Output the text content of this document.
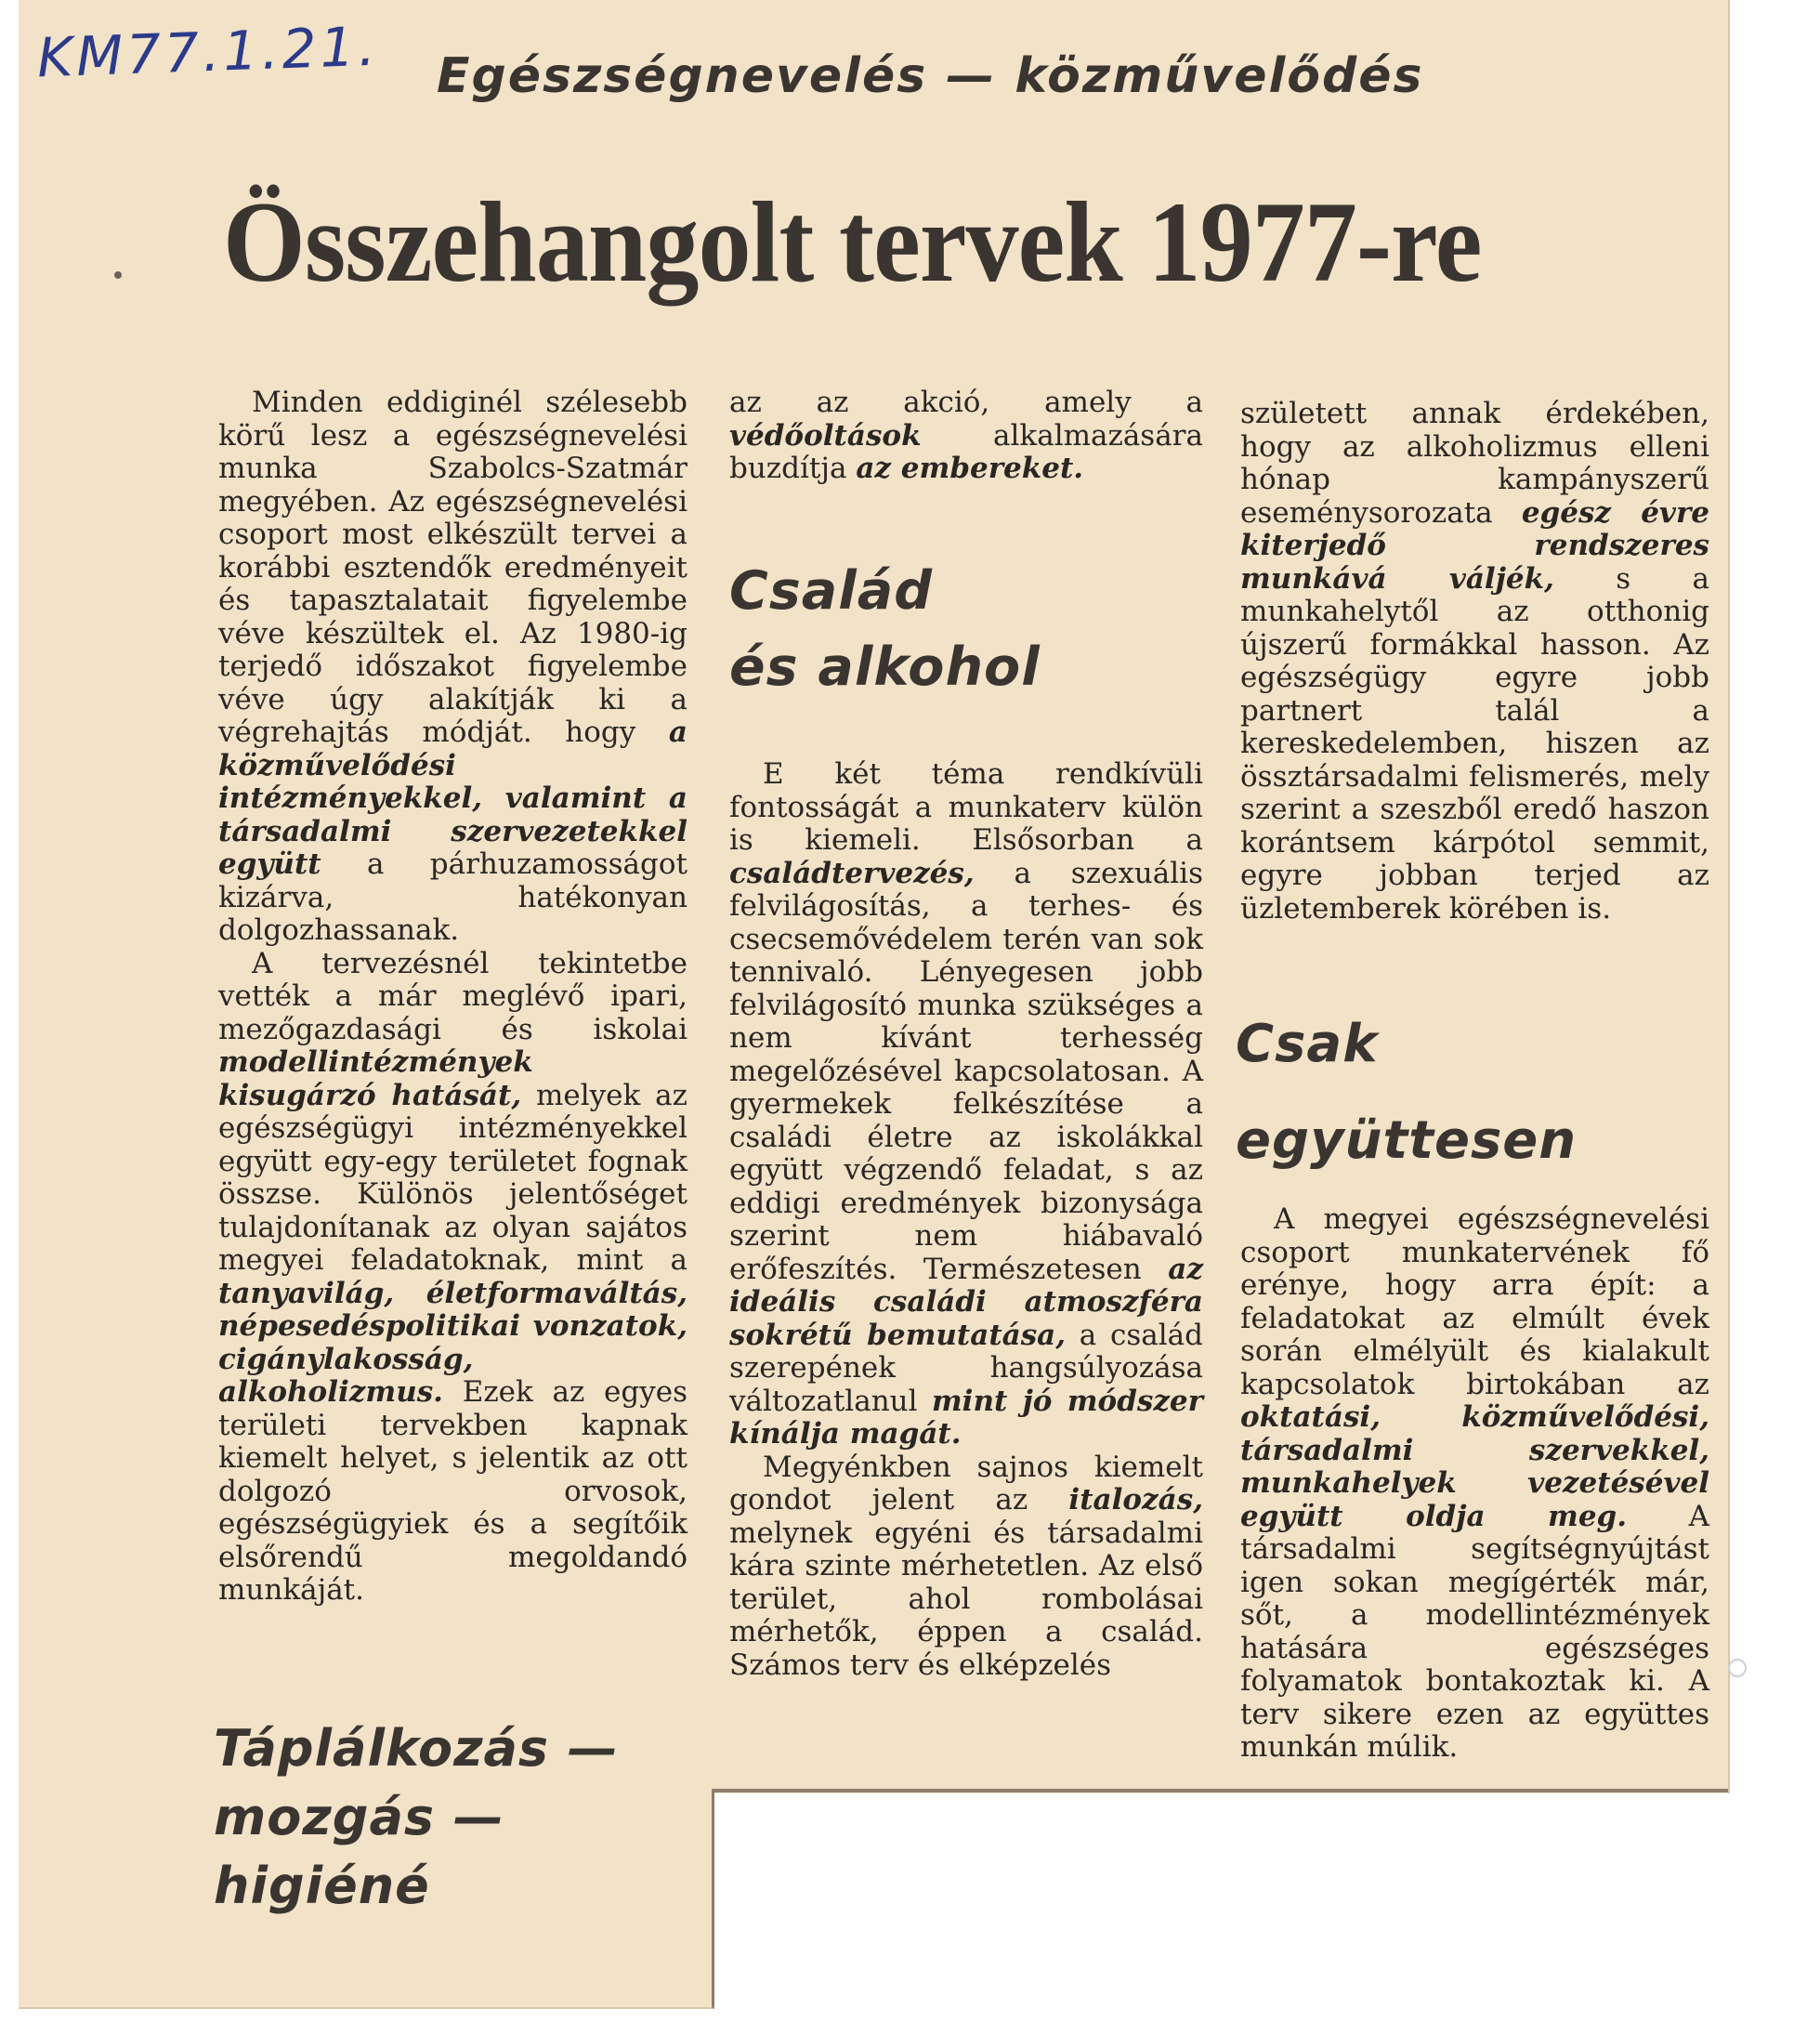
KM77.1.21. Egészségnevelés — közművelődés
Összehangolt tervek 1977-re

Minden eddiginél szélesebb körű lesz a egészségnevelési munka Szabolcs-Szatmár megyében. Az egészségnevelési csoport most elkészült tervei a korábbi esztendők eredményeit és tapasztalatait figyelembe véve készültek el. Az 1980-ig terjedő időszakot figyelembe véve úgy alakítják ki a végrehajtás módját. hogy a közművelődési intézményekkel, valamint a társadalmi szervezetekkel együtt a párhuzamosságot kizárva, hatékonyan dolgozhassanak.

A tervezésnél tekintetbe vették a már meglévő ipari, mezőgazdasági és iskolai modellintézmények kisugárzó hatását, melyek az egészségügyi intézményekkel együtt egy-egy területet fognak összse. Különös jelentőséget tulajdonítanak az olyan sajátos megyei feladatoknak, mint a tanyavilág, életformaváltás, népesedéspolitikai vonzatok, cigánylakosság, alkoholizmus. Ezek az egyes területi tervekben kapnak kiemelt helyet, s jelentik az ott dolgozó orvosok, egészségügyiek és a segítőik elsőrendű megoldandó munkáját.

Táplálkozás — mozgás — higiéné

az az akció, amely a védőoltások alkalmazására buzdítja az embereket.

Család
és alkohol

E két téma rendkívüli fontosságát a munkaterv külön is kiemeli. Elsősorban a családtervezés, a szexuális felvilágosítás, a terhes- és csecsemővédelem terén van sok tennivaló. Lényegesen jobb felvilágosító munka szükséges a nem kívánt terhesség megelőzésével kapcsolatosan. A gyermekek felkészítése a családi életre az iskolákkal együtt végzendő feladat, s az eddigi eredmények bizonysága szerint nem hiábavaló erőfeszítés. Természetesen az ideális családi atmoszféra sokrétű bemutatása, a család szerepének hangsúlyozása változatlanul mint jó módszer kínálja magát.

Megyénkben sajnos kiemelt gondot jelent az italozás, melynek egyéni és társadalmi kára szinte mérhetetlen. Az első terület, ahol rombolásai mérhetők, éppen a család. Számos terv és elképzelés

született annak érdekében, hogy az alkoholizmus elleni hónap kampányszerű eseménysorozata egész évre kiterjedő rendszeres munkává váljék, s a munkahelytől az otthonig újszerű formákkal hasson. Az egészségügy egyre jobb partnert talál a kereskedelemben, hiszen az össztársadalmi felismerés, mely szerint a szeszből eredő haszon korántsem kárpótol semmit, egyre jobban terjed az üzletemberek körében is.

Csak
együttesen

A megyei egészségnevelési csoport munkatervének fő erénye, hogy arra épít: a feladatokat az elmúlt évek során elmélyült és kialakult kapcsolatok birtokában az oktatási, közművelődési, társadalmi szervekkel, munkahelyek vezetésével együtt oldja meg. A társadalmi segítségnyújtást igen sokan megígérték már, sőt, a modellintézmények hatására egészséges folyamatok bontakoztak ki. A terv sikere ezen az együttes munkán múlik.
